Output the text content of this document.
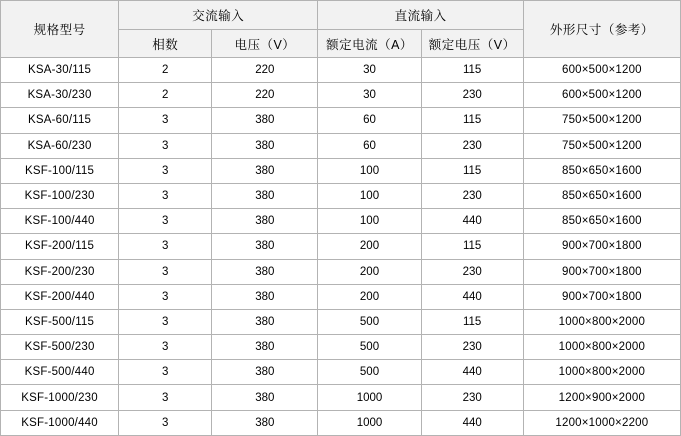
规格型号	交流输入		直流输入		外形尺寸（参考）
	相数	电压（V）	额定电流（A）	额定电压（V）	
KSA-30/115	2	220	30	115	600×500×1200
KSA-30/230	2	220	30	230	600×500×1200
KSA-60/115	3	380	60	115	750×500×1200
KSA-60/230	3	380	60	230	750×500×1200
KSF-100/115	3	380	100	115	850×650×1600
KSF-100/230	3	380	100	230	850×650×1600
KSF-100/440	3	380	100	440	850×650×1600
KSF-200/115	3	380	200	115	900×700×1800
KSF-200/230	3	380	200	230	900×700×1800
KSF-200/440	3	380	200	440	900×700×1800
KSF-500/115	3	380	500	115	1000×800×2000
KSF-500/230	3	380	500	230	1000×800×2000
KSF-500/440	3	380	500	440	1000×800×2000
KSF-1000/230	3	380	1000	230	1200×900×2000
KSF-1000/440	3	380	1000	440	1200×1000×2200
